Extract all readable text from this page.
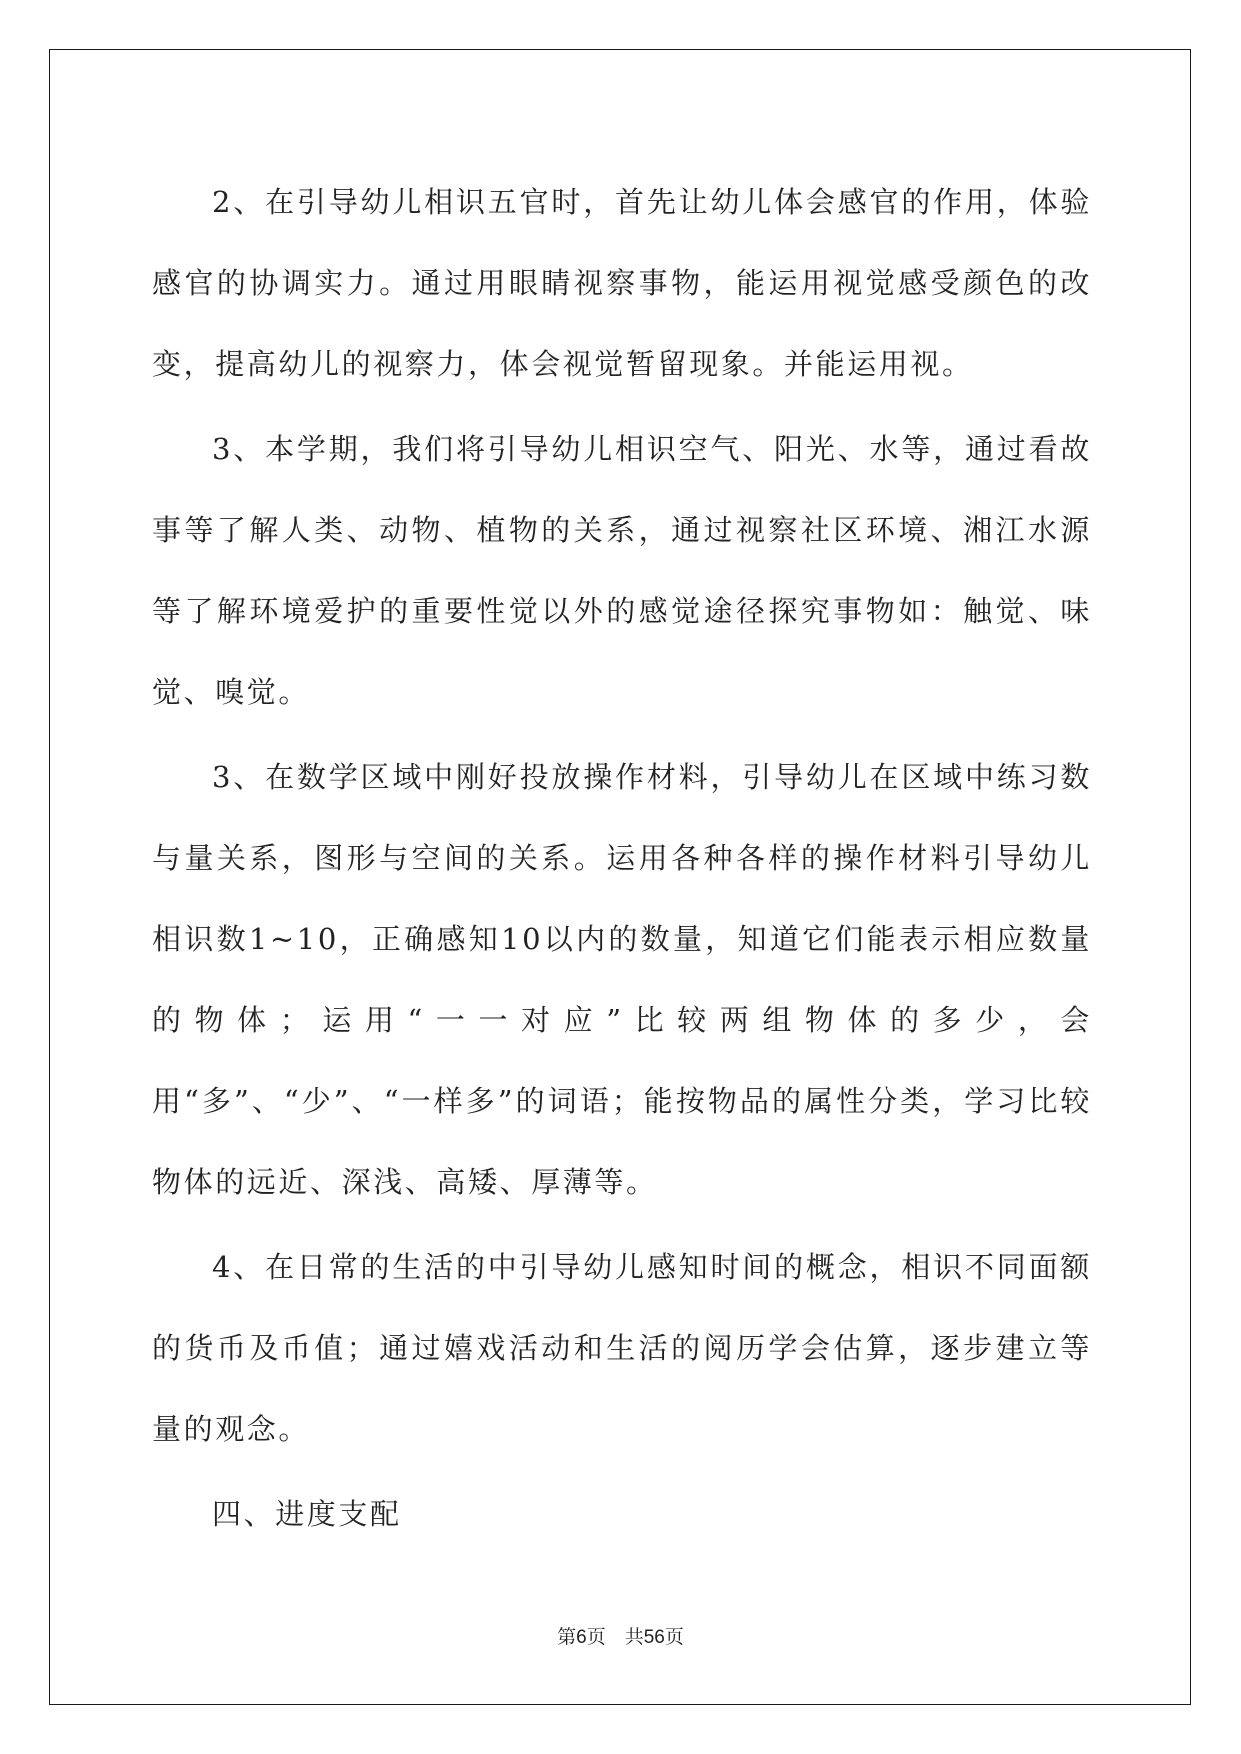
2、在引导幼儿相识五官时，首先让幼儿体会感官的作用，体验感官的协调实力。通过用眼睛视察事物，能运用视觉感受颜色的改变，提高幼儿的视察力，体会视觉暂留现象。并能运用视。

3、本学期，我们将引导幼儿相识空气、阳光、水等，通过看故事等了解人类、动物、植物的关系，通过视察社区环境、湘江水源等了解环境爱护的重要性觉以外的感觉途径探究事物如：触觉、味觉、嗅觉。

3、在数学区域中刚好投放操作材料，引导幼儿在区域中练习数与量关系，图形与空间的关系。运用各种各样的操作材料引导幼儿相识数1~10，正确感知10以内的数量，知道它们能表示相应数量的物体；运用“一一对应”比较两组物体的多少，会用“多”、“少”、“一样多”的词语；能按物品的属性分类，学习比较物体的远近、深浅、高矮、厚薄等。

4、在日常的生活的中引导幼儿感知时间的概念，相识不同面额的货币及币值；通过嬉戏活动和生活的阅历学会估算，逐步建立等量的观念。

四、进度支配

第6页 共56页
